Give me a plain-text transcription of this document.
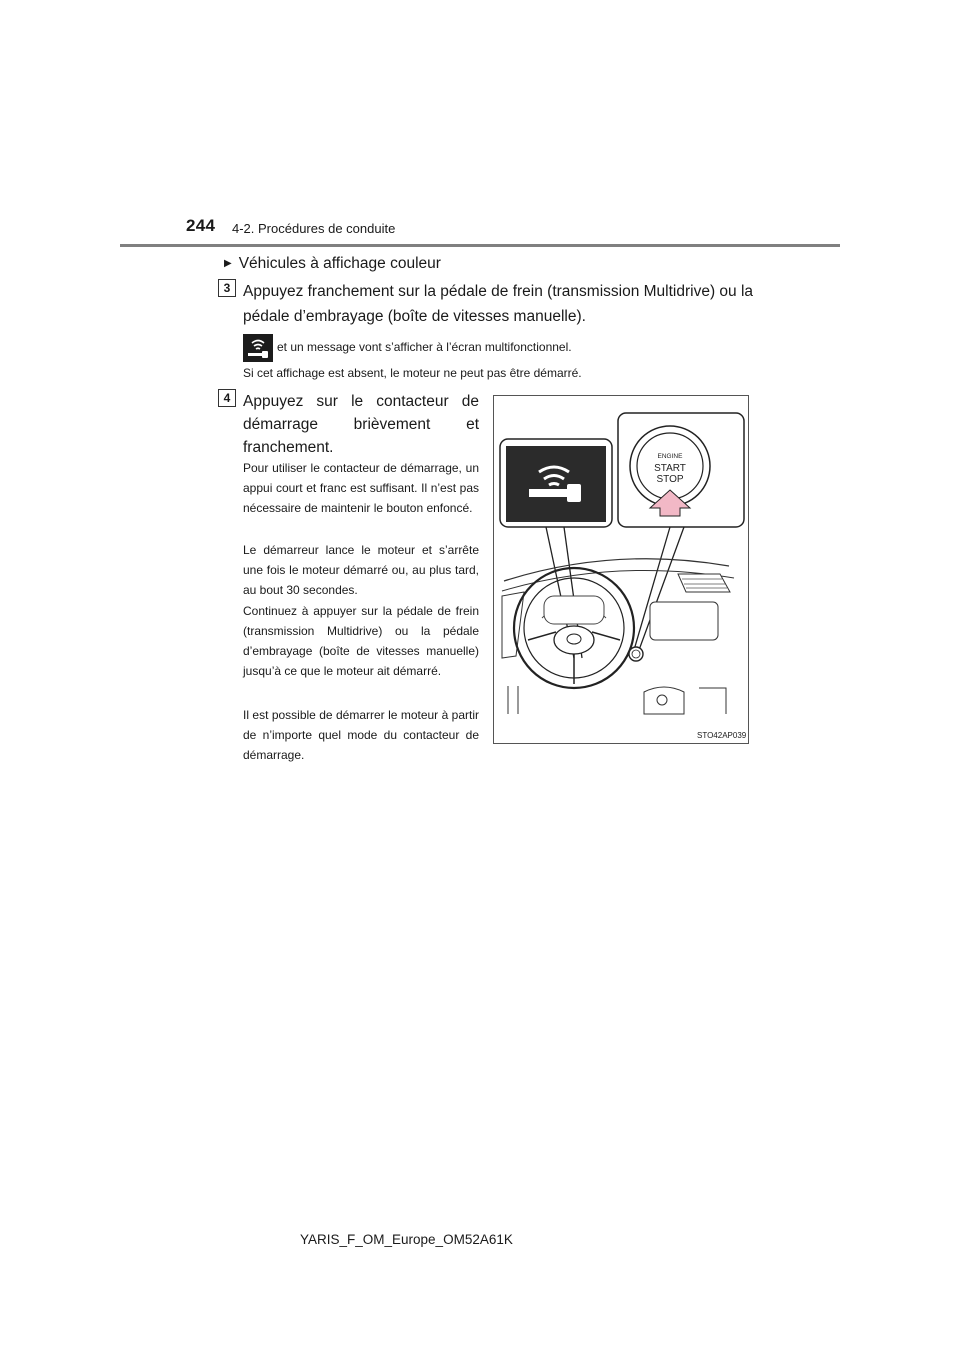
244 4-2. Procédures de conduite
▶ Véhicules à affichage couleur
3 Appuyez franchement sur la pédale de frein (transmission Multidrive) ou la pédale d’embrayage (boîte de vitesses manuelle).
et un message vont s’afficher à l’écran multifonctionnel.
Si cet affichage est absent, le moteur ne peut pas être démarré.
4 Appuyez sur le contacteur de démarrage brièvement et franchement.
Pour utiliser le contacteur de démarrage, un appui court et franc est suffisant. Il n’est pas nécessaire de maintenir le bouton enfoncé.
Le démarreur lance le moteur et s’arrête une fois le moteur démarré ou, au plus tard, au bout 30 secondes.
Continuez à appuyer sur la pédale de frein (transmission Multidrive) ou la pédale d’embrayage (boîte de vitesses manuelle) jusqu’à ce que le moteur ait démarré.
Il est possible de démarrer le moteur à partir de n’importe quel mode du contacteur de démarrage.
ENGINE
START
STOP
STO42AP039
YARIS_F_OM_Europe_OM52A61K
